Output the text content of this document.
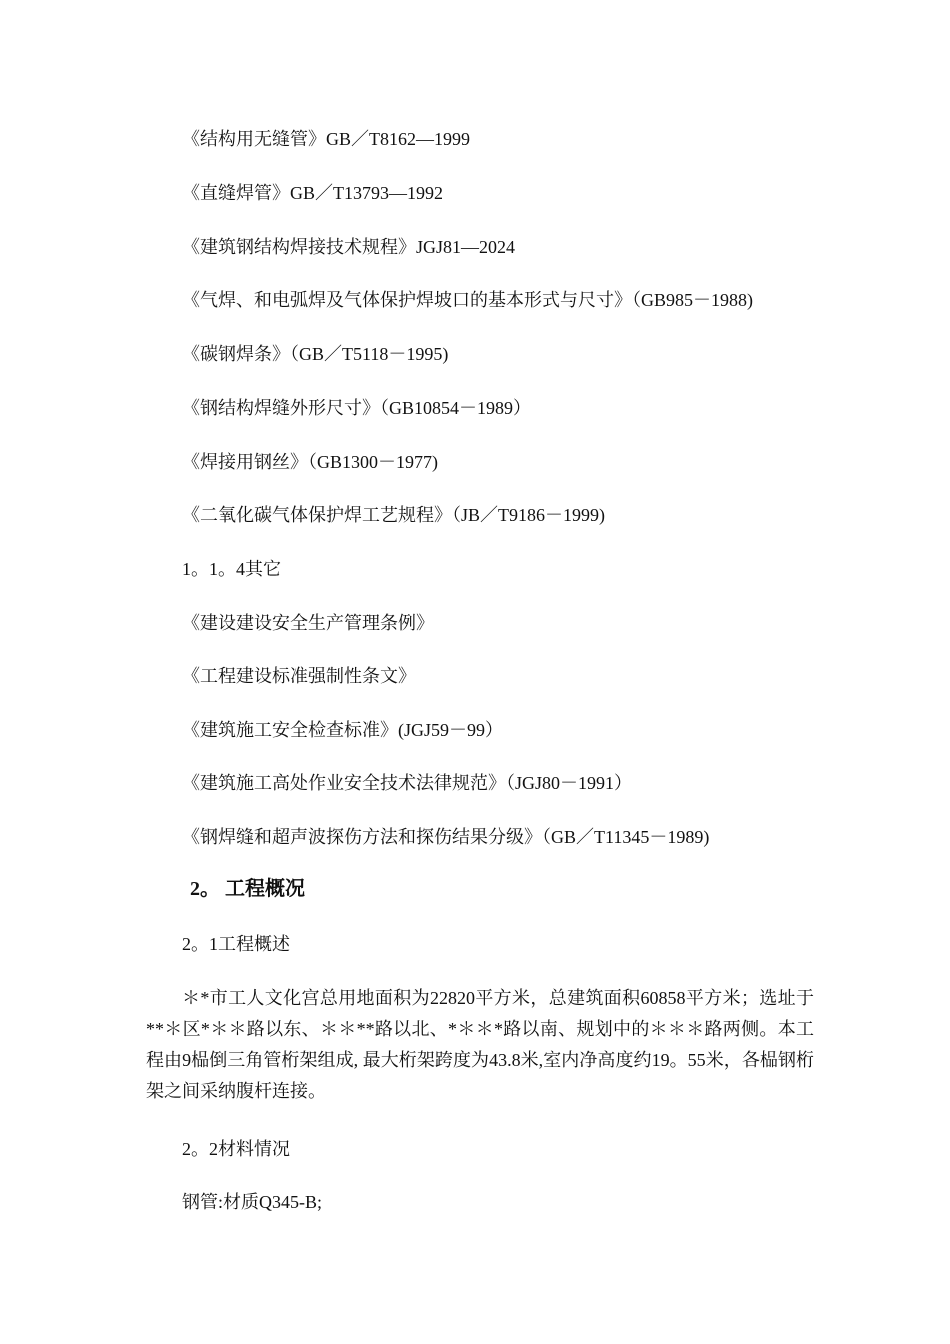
《结构用无缝管》GB／T8162—1999
《直缝焊管》GB／T13793—1992
《建筑钢结构焊接技术规程》JGJ81—2024
《气焊、和电弧焊及气体保护焊坡口的基本形式与尺寸》（GB985－1988)
《碳钢焊条》（GB／T5118－1995)
《钢结构焊缝外形尺寸》（GB10854－1989）
《焊接用钢丝》（GB1300－1977)
《二氧化碳气体保护焊工艺规程》（JB／T9186－1999)
1。1。4其它
《建设建设安全生产管理条例》
《工程建设标准强制性条文》
《建筑施工安全检查标准》(JGJ59－99）
《建筑施工高处作业安全技术法律规范》（JGJ80－1991）
《钢焊缝和超声波探伤方法和探伤结果分级》（GB／T11345－1989)
2。 工程概况
2。1工程概述
＊*市工人文化宫总用地面积为22820平方米，总建筑面积60858平方米；选址于**＊区*＊＊路以东、＊＊**路以北、*＊＊*路以南、规划中的＊＊＊路两侧。本工程由9榀倒三角管桁架组成, 最大桁架跨度为43.8米,室内净高度约19。55米，各榀钢桁架之间采纳腹杆连接。
2。2材料情况
钢管:材质Q345-B;
